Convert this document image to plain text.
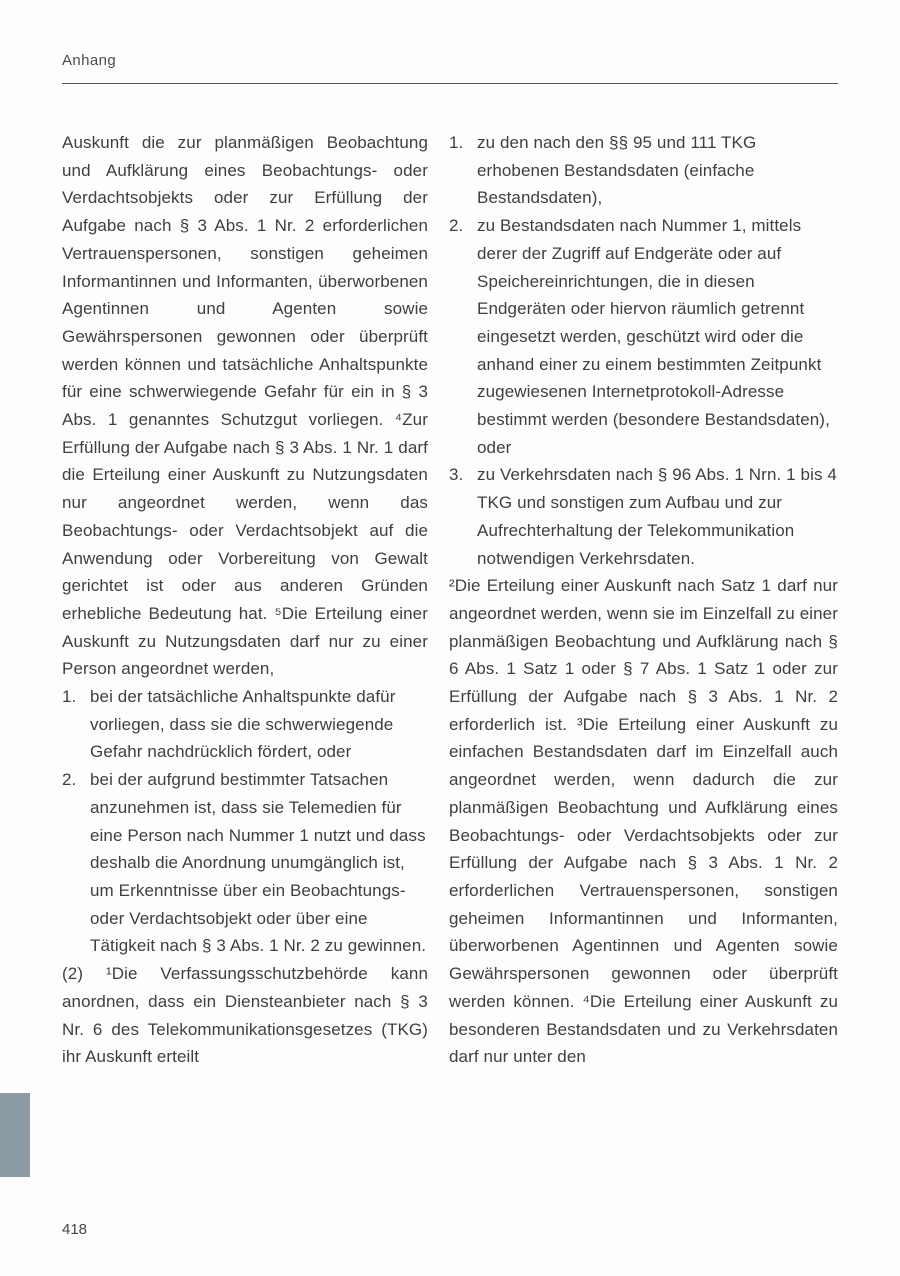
Anhang

Auskunft die zur planmäßigen Beobachtung und Aufklärung eines Beobachtungs- oder Verdachtsobjekts oder zur Erfüllung der Aufgabe nach § 3 Abs. 1 Nr. 2 erforderlichen Vertrauenspersonen, sonstigen geheimen Informantinnen und Informanten, überworbenen Agentinnen und Agenten sowie Gewährspersonen gewonnen oder überprüft werden können und tatsächliche Anhaltspunkte für eine schwerwiegende Gefahr für ein in § 3 Abs. 1 genanntes Schutzgut vorliegen. ⁴Zur Erfüllung der Aufgabe nach § 3 Abs. 1 Nr. 1 darf die Erteilung einer Auskunft zu Nutzungsdaten nur angeordnet werden, wenn das Beobachtungs- oder Verdachtsobjekt auf die Anwendung oder Vorbereitung von Gewalt gerichtet ist oder aus anderen Gründen erhebliche Bedeutung hat. ⁵Die Erteilung einer Auskunft zu Nutzungsdaten darf nur zu einer Person angeordnet werden,

1. bei der tatsächliche Anhaltspunkte dafür vorliegen, dass sie die schwerwiegende Gefahr nachdrücklich fördert, oder
2. bei der aufgrund bestimmter Tatsachen anzunehmen ist, dass sie Telemedien für eine Person nach Nummer 1 nutzt und dass deshalb die Anordnung unumgänglich ist, um Erkenntnisse über ein Beobachtungs- oder Verdachtsobjekt oder über eine Tätigkeit nach § 3 Abs. 1 Nr. 2 zu gewinnen.

(2) ¹Die Verfassungsschutzbehörde kann anordnen, dass ein Diensteanbieter nach § 3 Nr. 6 des Telekommunikationsgesetzes (TKG) ihr Auskunft erteilt

1. zu den nach den §§ 95 und 111 TKG erhobenen Bestandsdaten (einfache Bestandsdaten),
2. zu Bestandsdaten nach Nummer 1, mittels derer der Zugriff auf Endgeräte oder auf Speichereinrichtungen, die in diesen Endgeräten oder hiervon räumlich getrennt eingesetzt werden, geschützt wird oder die anhand einer zu einem bestimmten Zeitpunkt zugewiesenen Internetprotokoll-Adresse bestimmt werden (besondere Bestandsdaten), oder
3. zu Verkehrsdaten nach § 96 Abs. 1 Nrn. 1 bis 4 TKG und sonstigen zum Aufbau und zur Aufrechterhaltung der Telekommunikation notwendigen Verkehrsdaten.

²Die Erteilung einer Auskunft nach Satz 1 darf nur angeordnet werden, wenn sie im Einzelfall zu einer planmäßigen Beobachtung und Aufklärung nach § 6 Abs. 1 Satz 1 oder § 7 Abs. 1 Satz 1 oder zur Erfüllung der Aufgabe nach § 3 Abs. 1 Nr. 2 erforderlich ist. ³Die Erteilung einer Auskunft zu einfachen Bestandsdaten darf im Einzelfall auch angeordnet werden, wenn dadurch die zur planmäßigen Beobachtung und Aufklärung eines Beobachtungs- oder Verdachtsobjekts oder zur Erfüllung der Aufgabe nach § 3 Abs. 1 Nr. 2 erforderlichen Vertrauenspersonen, sonstigen geheimen Informantinnen und Informanten, überworbenen Agentinnen und Agenten sowie Gewährspersonen gewonnen oder überprüft werden können. ⁴Die Erteilung einer Auskunft zu besonderen Bestandsdaten und zu Verkehrsdaten darf nur unter den

418
